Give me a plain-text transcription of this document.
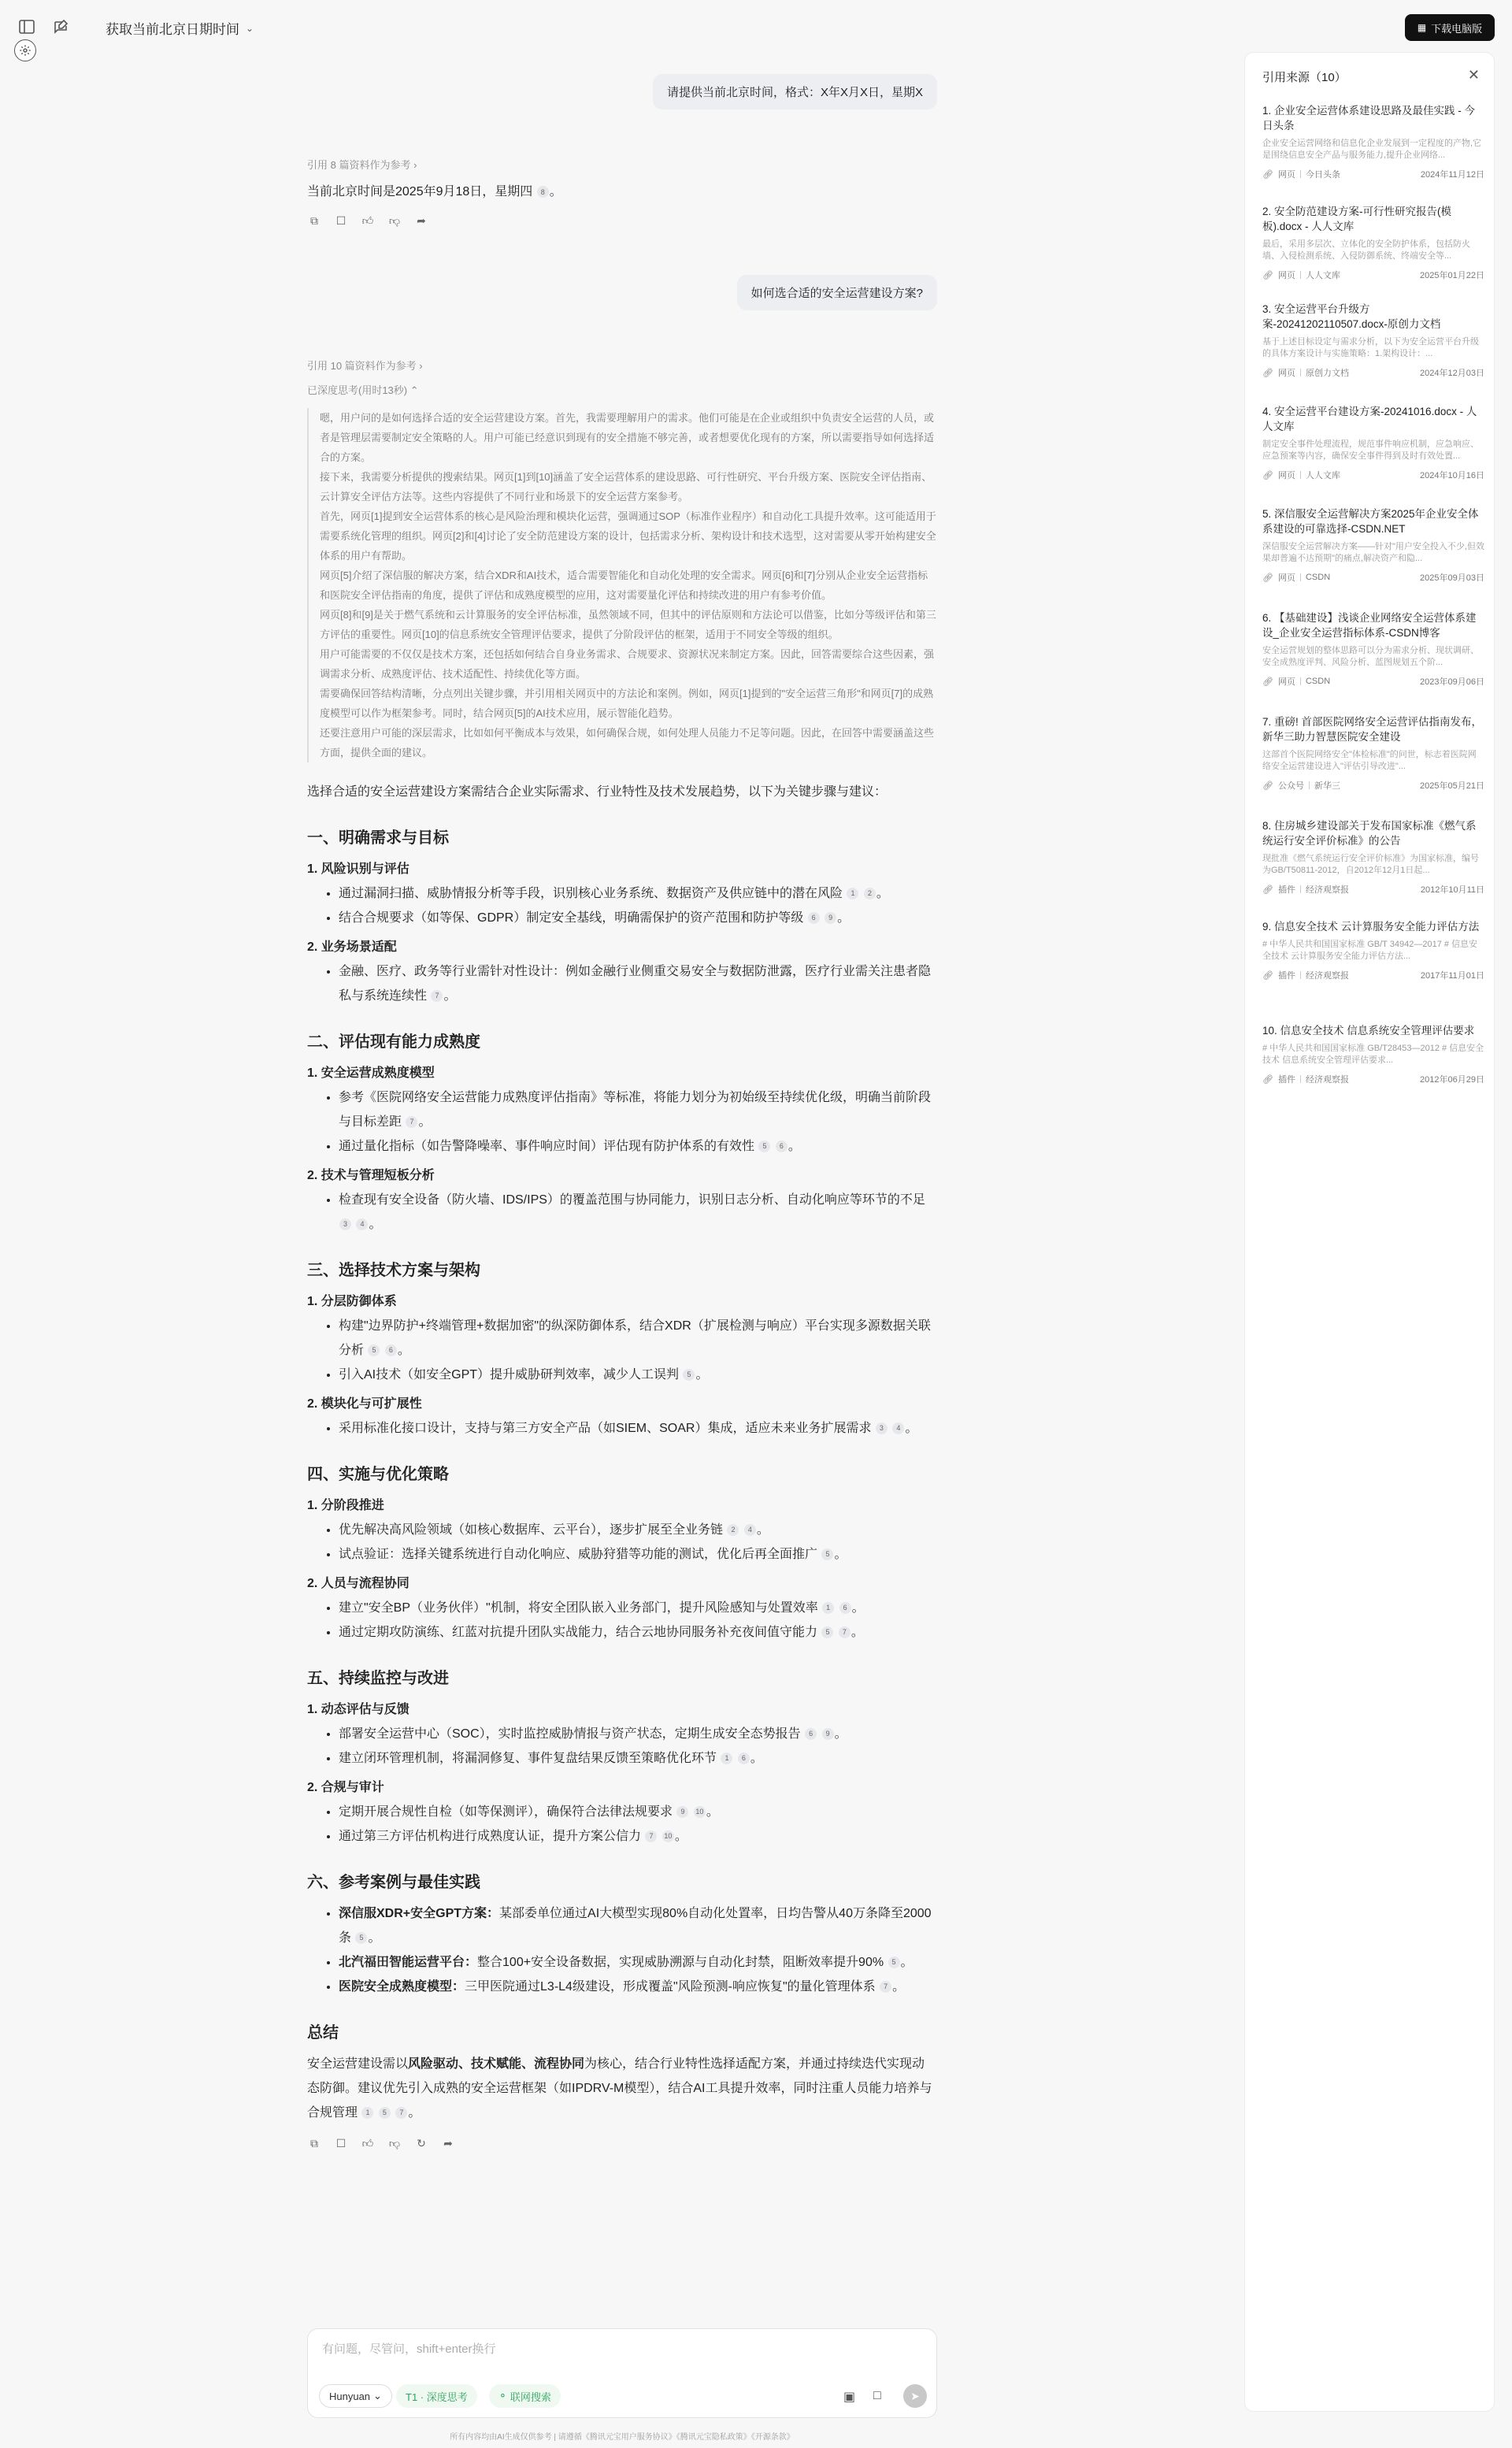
获取当前北京日期时间 ⌄	▦ 下载电脑版
请提供当前北京时间，格式：X年X月X日，星期X
引用 8 篇资料作为参考 ›
当前北京时间是2025年9月18日，星期四 8 。
⧉ ☐ 👍︎ 👎︎ ➦
如何选合适的安全运营建设方案?
引用 10 篇资料作为参考 ›
已深度思考(用时13秒) ⌃

嗯，用户问的是如何选择合适的安全运营建设方案。首先，我需要理解用户的需求。他们可能是在企业或组织中负责安全运营的人员，或者是管理层需要制定安全策略的人。用户可能已经意识到现有的安全措施不够完善，或者想要优化现有的方案，所以需要指导如何选择适合的方案。

接下来，我需要分析提供的搜索结果。网页[1]到[10]涵盖了安全运营体系的建设思路、可行性研究、平台升级方案、医院安全评估指南、云计算安全评估方法等。这些内容提供了不同行业和场景下的安全运营方案参考。

首先，网页[1]提到安全运营体系的核心是风险治理和模块化运营，强调通过SOP（标准作业程序）和自动化工具提升效率。这可能适用于需要系统化管理的组织。网页[2]和[4]讨论了安全防范建设方案的设计，包括需求分析、架构设计和技术选型，这对需要从零开始构建安全体系的用户有帮助。

网页[5]介绍了深信服的解决方案，结合XDR和AI技术，适合需要智能化和自动化处理的安全需求。网页[6]和[7]分别从企业安全运营指标和医院安全评估指南的角度，提供了评估和成熟度模型的应用，这对需要量化评估和持续改进的用户有参考价值。

网页[8]和[9]是关于燃气系统和云计算服务的安全评估标准，虽然领域不同，但其中的评估原则和方法论可以借鉴，比如分等级评估和第三方评估的重要性。网页[10]的信息系统安全管理评估要求，提供了分阶段评估的框架，适用于不同安全等级的组织。

用户可能需要的不仅仅是技术方案，还包括如何结合自身业务需求、合规要求、资源状况来制定方案。因此，回答需要综合这些因素，强调需求分析、成熟度评估、技术适配性、持续优化等方面。

需要确保回答结构清晰，分点列出关键步骤，并引用相关网页中的方法论和案例。例如，网页[1]提到的"安全运营三角形"和网页[7]的成熟度模型可以作为框架参考。同时，结合网页[5]的AI技术应用，展示智能化趋势。

还要注意用户可能的深层需求，比如如何平衡成本与效果，如何确保合规，如何处理人员能力不足等问题。因此，在回答中需要涵盖这些方面，提供全面的建议。

选择合适的安全运营建设方案需结合企业实际需求、行业特性及技术发展趋势，以下为关键步骤与建议：

一、明确需求与目标
1. 风险识别与评估
• 通过漏洞扫描、威胁情报分析等手段，识别核心业务系统、数据资产及供应链中的潜在风险 1 2 。
• 结合合规要求（如等保、GDPR）制定安全基线，明确需保护的资产范围和防护等级 6 9 。
2. 业务场景适配
• 金融、医疗、政务等行业需针对性设计：例如金融行业侧重交易安全与数据防泄露，医疗行业需关注患者隐私与系统连续性 7 。
二、评估现有能力成熟度
1. 安全运营成熟度模型
• 参考《医院网络安全运营能力成熟度评估指南》等标准，将能力划分为初始级至持续优化级，明确当前阶段与目标差距 7 。
• 通过量化指标（如告警降噪率、事件响应时间）评估现有防护体系的有效性 5 6 。
2. 技术与管理短板分析
• 检查现有安全设备（防火墙、IDS/IPS）的覆盖范围与协同能力，识别日志分析、自动化响应等环节的不足 3 4 。
三、选择技术方案与架构
1. 分层防御体系
• 构建"边界防护+终端管理+数据加密"的纵深防御体系，结合XDR（扩展检测与响应）平台实现多源数据关联分析 5 6 。
• 引入AI技术（如安全GPT）提升威胁研判效率，减少人工误判 5 。
2. 模块化与可扩展性
• 采用标准化接口设计，支持与第三方安全产品（如SIEM、SOAR）集成，适应未来业务扩展需求 3 4 。
四、实施与优化策略
1. 分阶段推进
• 优先解决高风险领域（如核心数据库、云平台），逐步扩展至全业务链 2 4 。
• 试点验证：选择关键系统进行自动化响应、威胁狩猎等功能的测试，优化后再全面推广 5 。
2. 人员与流程协同
• 建立"安全BP（业务伙伴）"机制，将安全团队嵌入业务部门，提升风险感知与处置效率 1 6 。
• 通过定期攻防演练、红蓝对抗提升团队实战能力，结合云地协同服务补充夜间值守能力 5 7 。
五、持续监控与改进
1. 动态评估与反馈
• 部署安全运营中心（SOC），实时监控威胁情报与资产状态，定期生成安全态势报告 6 9 。
• 建立闭环管理机制，将漏洞修复、事件复盘结果反馈至策略优化环节 1 6 。
2. 合规与审计
• 定期开展合规性自检（如等保测评），确保符合法律法规要求 9 10 。
• 通过第三方评估机构进行成熟度认证，提升方案公信力 7 10 。
六、参考案例与最佳实践
• 深信服XDR+安全GPT方案：某部委单位通过AI大模型实现80%自动化处置率，日均告警从40万条降至2000条 5 。
• 北汽福田智能运营平台：整合100+安全设备数据，实现威胁溯源与自动化封禁，阻断效率提升90% 5 。
• 医院安全成熟度模型：三甲医院通过L3-L4级建设，形成覆盖"风险预测-响应恢复"的量化管理体系 7 。
总结

安全运营建设需以风险驱动、技术赋能、流程协同为核心，结合行业特性选择适配方案，并通过持续迭代实现动态防御。建议优先引入成熟的安全运营框架（如IPDRV-M模型），结合AI工具提升效率，同时注重人员能力培养与合规管理 1 5 7 。

⧉ ☐ 👍︎ 👎︎ ↻ ➦
有问题，尽管问，shift+enter换行
Hunyuan ⌄ T1 · 深度思考	⚬ 联网搜索	▣ □	➤
所有内容均由AI生成仅供参考 | 请遵循《腾讯元宝用户服务协议》《腾讯元宝隐私政策》《开源条款》
引用来源（10）	✕
1. 企业安全运营体系建设思路及最佳实践 - 今日头条
企业安全运营网络和信息化企业发展到一定程度的产物,它是围绕信息安全产品与服务能力,提升企业网络...
🔗︎ 网页 今日头条	2024年11月12日
2. 安全防范建设方案-可行性研究报告(模板).docx - 人人文库
最后，采用多层次、立体化的安全防护体系，包括防火墙、入侵检测系统、入侵防御系统、终端安全等...
🔗︎ 网页 人人文库	2025年01月22日
3. 安全运营平台升级方案-20241202110507.docx-原创力文档
基于上述目标设定与需求分析，以下为安全运营平台升级的具体方案设计与实施策略：1.架构设计：...
🔗︎ 网页 原创力文档	2024年12月03日
4. 安全运营平台建设方案-20241016.docx - 人人文库
制定安全事件处理流程，规范事件响应机制，应急响应、应急预案等内容，确保安全事件得到及时有效处置...
🔗︎ 网页 人人文库	2024年10月16日
5. 深信服安全运营解决方案2025年企业安全体系建设的可靠选择-CSDN.NET
深信服安全运营解决方案——针对"用户安全投入不少,但效果却普遍不达预期"的痛点,解决资产和隐...
🔗︎ 网页 CSDN	2025年09月03日
6. 【基础建设】浅谈企业网络安全运营体系建设_企业安全运营指标体系-CSDN博客
安全运营规划的整体思路可以分为需求分析、现状调研、安全成熟度评判、风险分析、蓝图规划五个阶...
🔗︎ 网页 CSDN	2023年09月06日
7. 重磅! 首部医院网络安全运营评估指南发布，新华三助力智慧医院安全建设
这部首个医院网络安全"体检标准"的问世，标志着医院网络安全运营建设进入"评估引导改进"...
🔗︎ 公众号 新华三	2025年05月21日
8. 住房城乡建设部关于发布国家标准《燃气系统运行安全评价标准》的公告
现批准《燃气系统运行安全评价标准》为国家标准，编号为GB/T50811-2012，自2012年12月1日起...
🔗︎ 插件 经济观察报	2012年10月11日
9. 信息安全技术 云计算服务安全能力评估方法
# 中华人民共和国国家标准 GB/T 34942—2017 # 信息安全技术 云计算服务安全能力评估方法...
🔗︎ 插件 经济观察报	2017年11月01日
10. 信息安全技术 信息系统安全管理评估要求
# 中华人民共和国国家标准 GB/T28453—2012 # 信息安全技术 信息系统安全管理评估要求...
🔗︎ 插件 经济观察报	2012年06月29日
